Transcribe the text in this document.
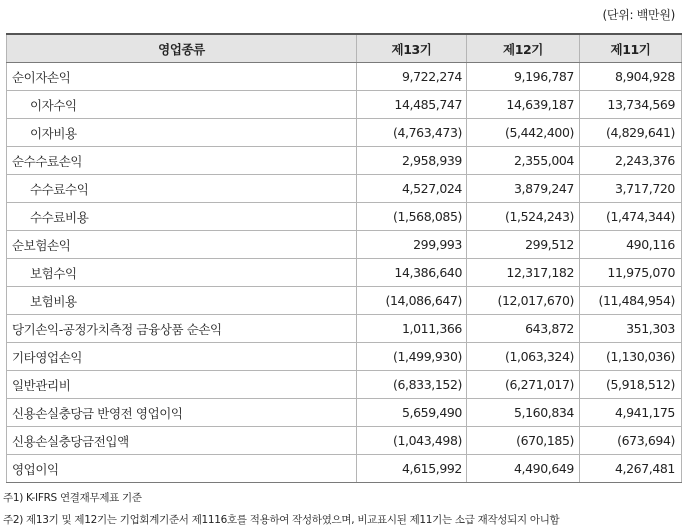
(단위: 백만원)
영업종류	제13기	제12기	제11기
순이자손익	9,722,274	9,196,787	8,904,928
이자수익	14,485,747	14,639,187	13,734,569
이자비용	(4,763,473)	(5,442,400)	(4,829,641)
순수수료손익	2,958,939	2,355,004	2,243,376
수수료수익	4,527,024	3,879,247	3,717,720
수수료비용	(1,568,085)	(1,524,243)	(1,474,344)
순보험손익	299,993	299,512	490,116
보험수익	14,386,640	12,317,182	11,975,070
보험비용	(14,086,647)	(12,017,670)	(11,484,954)
당기손익-공정가치측정 금융상품 순손익	1,011,366	643,872	351,303
기타영업손익	(1,499,930)	(1,063,324)	(1,130,036)
일반관리비	(6,833,152)	(6,271,017)	(5,918,512)
신용손실충당금 반영전 영업이익	5,659,490	5,160,834	4,941,175
신용손실충당금전입액	(1,043,498)	(670,185)	(673,694)
영업이익	4,615,992	4,490,649	4,267,481
주1) K-IFRS 연결재무제표 기준
주2) 제13기 및 제12기는 기업회계기준서 제1116호를 적용하여 작성하였으며, 비교표시된 제11기는 소급 재작성되지 아니함
